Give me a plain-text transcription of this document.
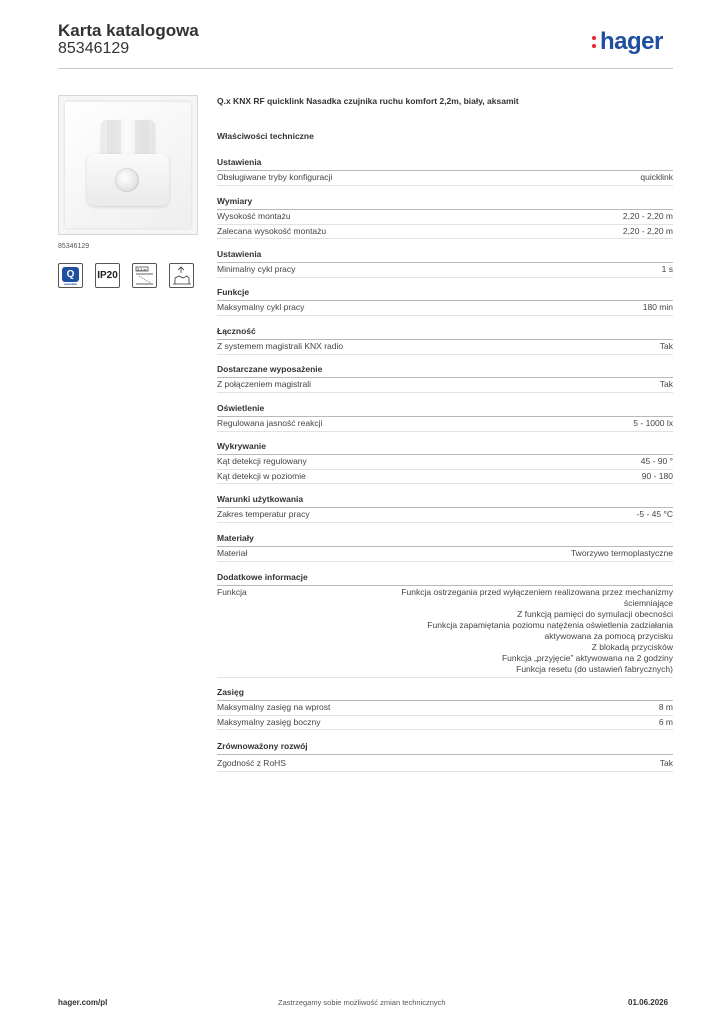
Karta katalogowa
85346129	hager
85346129
Q
quicklink
IP20
2,2 m
Q.x KNX RF quicklink Nasadka czujnika ruchu komfort 2,2m, biały, aksamit
Właściwości techniczne
Ustawienia
Obsługiwane tryby konfiguracji	quicklink
Wymiary
Wysokość montażu	2,20 - 2,20 m
Zalecana wysokość montażu	2,20 - 2,20 m
Ustawienia
Minimalny cykl pracy	1 s
Funkcje
Maksymalny cykl pracy	180 min
Łączność
Z systemem magistrali KNX radio	Tak
Dostarczane wyposażenie
Z połączeniem magistrali	Tak
Oświetlenie
Regulowana jasność reakcji	5 - 1000 lx
Wykrywanie
Kąt detekcji regulowany	45 - 90 °
Kąt detekcji w poziomie	90 - 180
Warunki użytkowania
Zakres temperatur pracy	-5 - 45 °C
Materiały
Materiał	Tworzywo termoplastyczne
Dodatkowe informacje
Funkcja	Funkcja ostrzegania przed wyłączeniem realizowana przez mechanizmy
ściemniające
Z funkcją pamięci do symulacji obecności
Funkcja zapamiętania poziomu natężenia oświetlenia zadziałania
aktywowana za pomocą przycisku
Z blokadą przycisków
Funkcja „przyjęcie” aktywowana na 2 godziny
Funkcja resetu (do ustawień fabrycznych)
Zasięg
Maksymalny zasięg na wprost	8 m
Maksymalny zasięg boczny	6 m
Zrównoważony rozwój
Zgodność z RoHS	Tak
hager.com/pl	Zastrzegamy sobie możliwość zmian technicznych	01.06.2026
